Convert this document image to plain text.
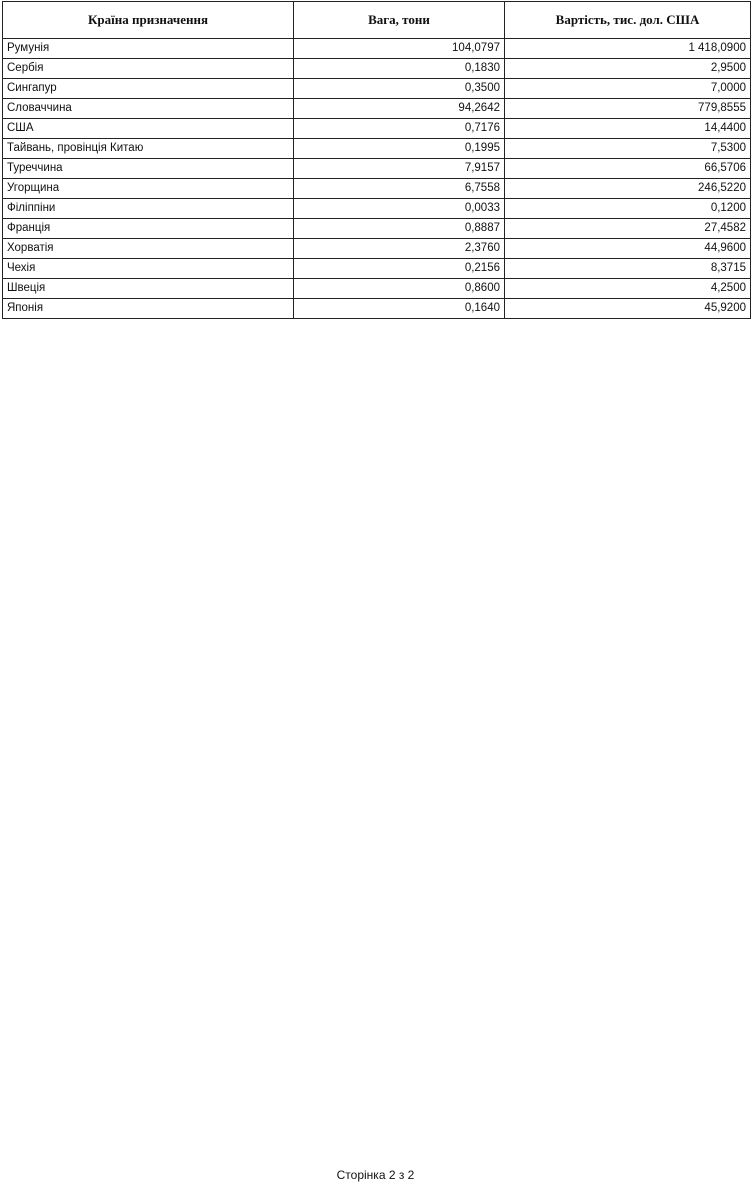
Країна призначення	Вага, тони	Вартість, тис. дол. США
Румунія	104,0797	1 418,0900
Сербія	0,1830	2,9500
Сингапур	0,3500	7,0000
Словаччина	94,2642	779,8555
США	0,7176	14,4400
Тайвань, провінція Китаю	0,1995	7,5300
Туреччина	7,9157	66,5706
Угорщина	6,7558	246,5220
Філіппіни	0,0033	0,1200
Франція	0,8887	27,4582
Хорватія	2,3760	44,9600
Чехія	0,2156	8,3715
Швеція	0,8600	4,2500
Японія	0,1640	45,9200
Сторінка 2 з 2
